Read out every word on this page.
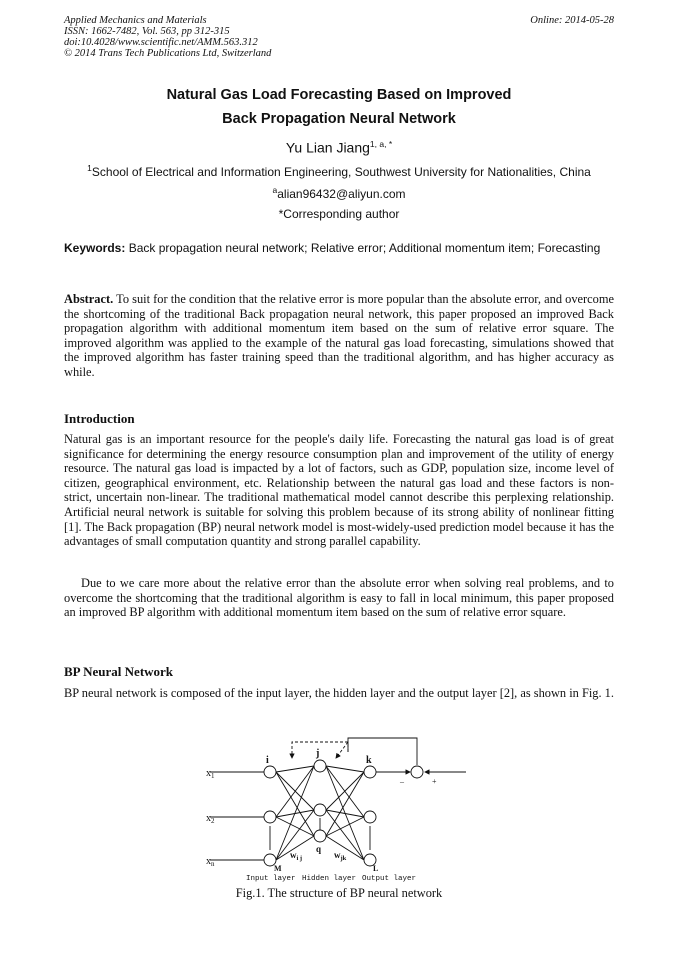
Applied Mechanics and Materials
ISSN: 1662-7482, Vol. 563, pp 312-315
doi:10.4028/www.scientific.net/AMM.563.312
© 2014 Trans Tech Publications Ltd, Switzerland
Online: 2014-05-28
Natural Gas Load Forecasting Based on Improved
Back Propagation Neural Network
Yu Lian Jiang$^{1, a, *}$
$^1$School of Electrical and Information Engineering, Southwest University for Nationalities, China
$^a$alian96432@aliyun.com
*Corresponding author
Keywords: Back propagation neural network; Relative error; Additional momentum item; Forecasting
Abstract. To suit for the condition that the relative error is more popular than the absolute error, and overcome the shortcoming of the traditional Back propagation neural network, this paper proposed an improved Back propagation algorithm with additional momentum item based on the sum of relative error square. The improved algorithm was applied to the example of the natural gas load forecasting, simulations showed that the improved algorithm has faster training speed than the traditional algorithm, and has higher accuracy as while.
Introduction
Natural gas is an important resource for the people's daily life. Forecasting the natural gas load is of great significance for determining the energy resource consumption plan and improvement of the utility of energy resource. The natural gas load is impacted by a lot of factors, such as GDP, population size, income level of citizen, geographical environment, etc. Relationship between the natural gas load and these factors is non-strict, uncertain non-linear. The traditional mathematical model cannot describe this perplexing relationship. Artificial neural network is suitable for solving this problem because of its strong ability of nonlinear fitting [1]. The Back propagation (BP) neural network model is most-widely-used prediction model because it has the advantages of small computation quantity and strong parallel capability.
Due to we care more about the relative error than the absolute error when solving real problems, and to overcome the shortcoming that the traditional algorithm is easy to fall in local minimum, this paper proposed an improved BP algorithm with additional momentum item based on the sum of relative error square.
BP Neural Network
BP neural network is composed of the input layer, the hidden layer and the output layer [2], as shown in Fig. 1.
$x_1$
$x_2$
$x_n$
i
j
k
q
M	L
$w_{i j}$	$w_{jk}$
–	+
Input layer Hidden layer Output layer
Fig.1. The structure of BP neural network
